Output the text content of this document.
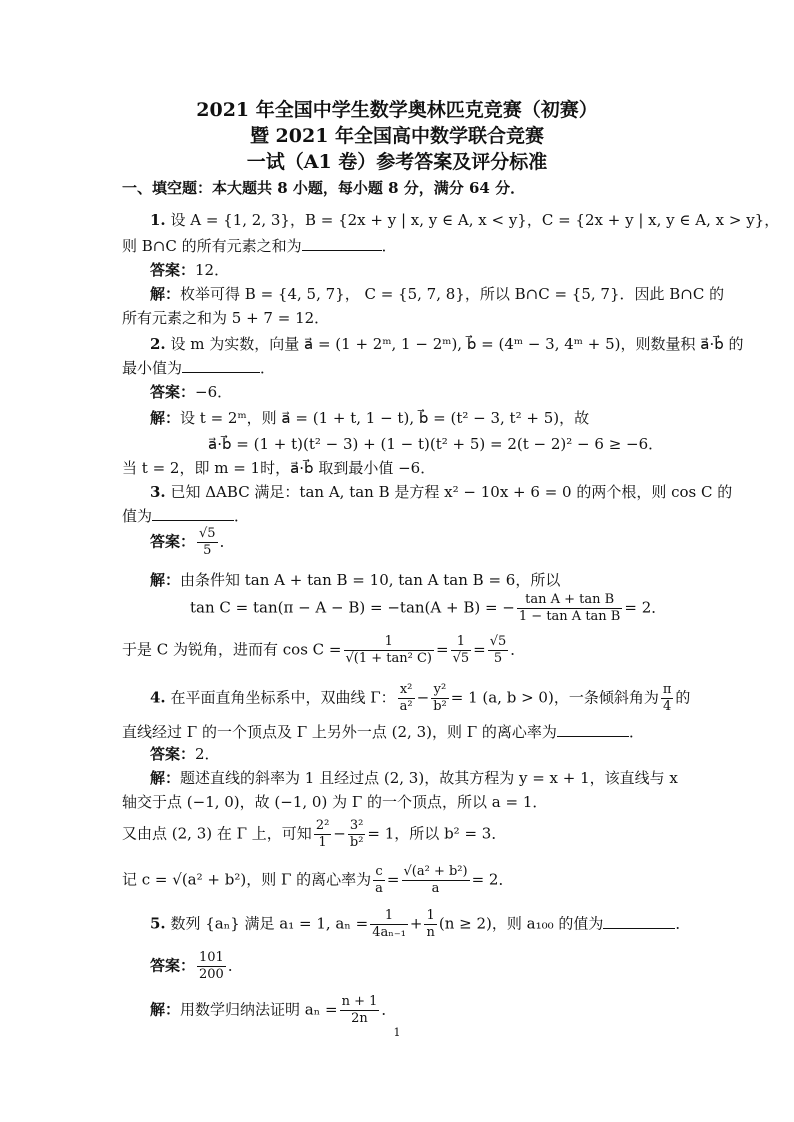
2021 年全国中学生数学奥林匹克竞赛（初赛）
暨 2021 年全国高中数学联合竞赛
一试（A1 卷）参考答案及评分标准
一、填空题：本大题共 8 小题，每小题 8 分，满分 64 分．
1. 设 A = {1, 2, 3}，B = {2x + y | x, y ∈ A, x < y}，C = {2x + y | x, y ∈ A, x > y}，
则 B∩C 的所有元素之和为	．
答案：12．
解：枚举可得 B = {4, 5, 7}， C = {5, 7, 8}，所以 B∩C = {5, 7}．因此 B∩C 的
所有元素之和为 5 + 7 = 12．
2. 设 m 为实数，向量 a⃗ = (1 + 2ᵐ, 1 − 2ᵐ), b⃗ = (4ᵐ − 3, 4ᵐ + 5)，则数量积 a⃗·b⃗ 的
最小值为	．
答案：−6．
解：设 t = 2ᵐ，则 a⃗ = (1 + t, 1 − t), b⃗ = (t² − 3, t² + 5)，故
a⃗·b⃗ = (1 + t)(t² − 3) + (1 − t)(t² + 5) = 2(t − 2)² − 6 ≥ −6．
当 t = 2，即 m = 1时，a⃗·b⃗ 取到最小值 −6．
3. 已知 ΔABC 满足：tan A, tan B 是方程 x² − 10x + 6 = 0 的两个根，则 cos C 的
值为	．
答案： $\frac{√5}{5}$ ．
解：由条件知 tan A + tan B = 10, tan A tan B = 6，所以
tan C = tan(π − A − B) = −tan(A + B) = − $\frac{\text{tan A + tan B}}{\text{1 − tan A tan B}} = 2$．
于是 C 为锐角，进而有 $\cos C = \frac{1}{\text{√(1 + tan² C)}} = \frac{1}{√5} = \frac{√5}{5}$ ．
4. 在平面直角坐标系中，双曲线 Γ： $\frac{\text{x²}}{\text{a²}} - \frac{\text{y²}}{\text{b²}} = 1$ (a, b > 0)，一条倾斜角为 $\frac{\pi}{4}$ 的
直线经过 Γ 的一个顶点及 Γ 上另外一点 (2, 3)，则 Γ 的离心率为	．
答案：2．
解：题述直线的斜率为 1 且经过点 (2, 3)，故其方程为 y = x + 1，该直线与 x
轴交于点 (−1, 0)，故 (−1, 0) 为 Γ 的一个顶点，所以 a = 1．
又由点 (2, 3) 在 Γ 上，可知 $\frac{\text{2²}}{1} - \frac{\text{3²}}{\text{b²}} = 1$，所以 b² = 3．
记 c = √(a² + b²)，则 Γ 的离心率为 $\frac{c}{a} = \frac{\text{√(a² + b²)}}{a} = 2$．
5. 数列 {aₙ} 满足 a₁ = 1, $a_n = \frac{1}{\text{4aₙ₋₁}} + \frac{1}{n} (n \ge 2)$，则 a₁₀₀ 的值为	．
答案： $\frac{101}{200}$ ．
解：用数学归纳法证明 $a_n = \frac{n + 1}{2n}$ ．
1
